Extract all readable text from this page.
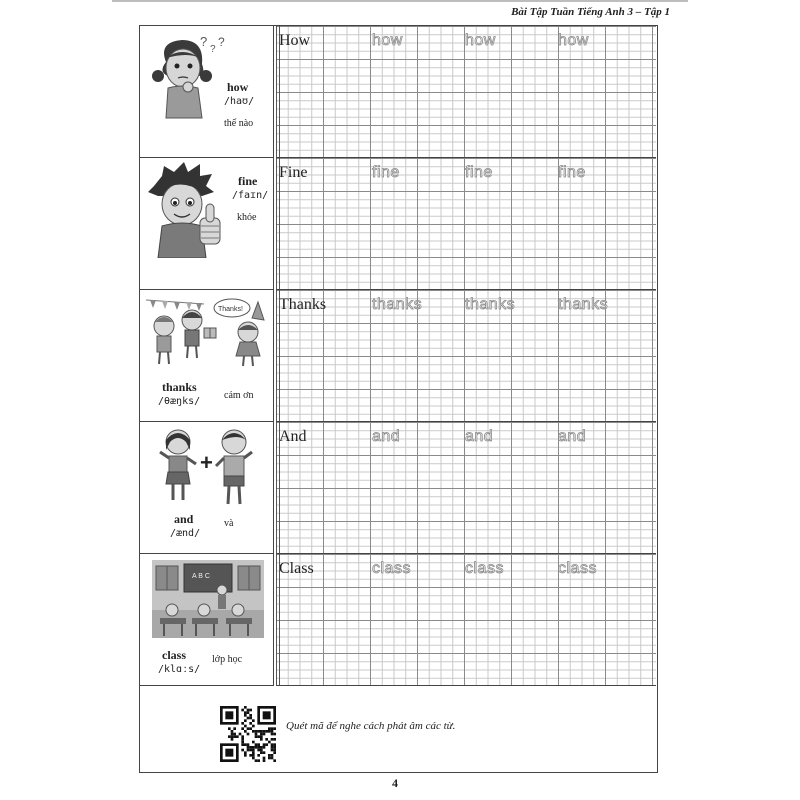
Bài Tập Tuần Tiếng Anh 3 – Tập 1
?
?
?
how
/haʊ/
thế nào
How	how	how	how
fine
/faɪn/
khỏe
Fine	fine	fine	fine
Thanks!
thanks
/θæŋks/
cảm ơn
Thanks	thanks	thanks	thanks
+
and
/ænd/
và
And	and	and	and
A B C
class
/klɑːs/
lớp học
Class	class	class	class
Quét mã để nghe cách phát âm các từ.
4
